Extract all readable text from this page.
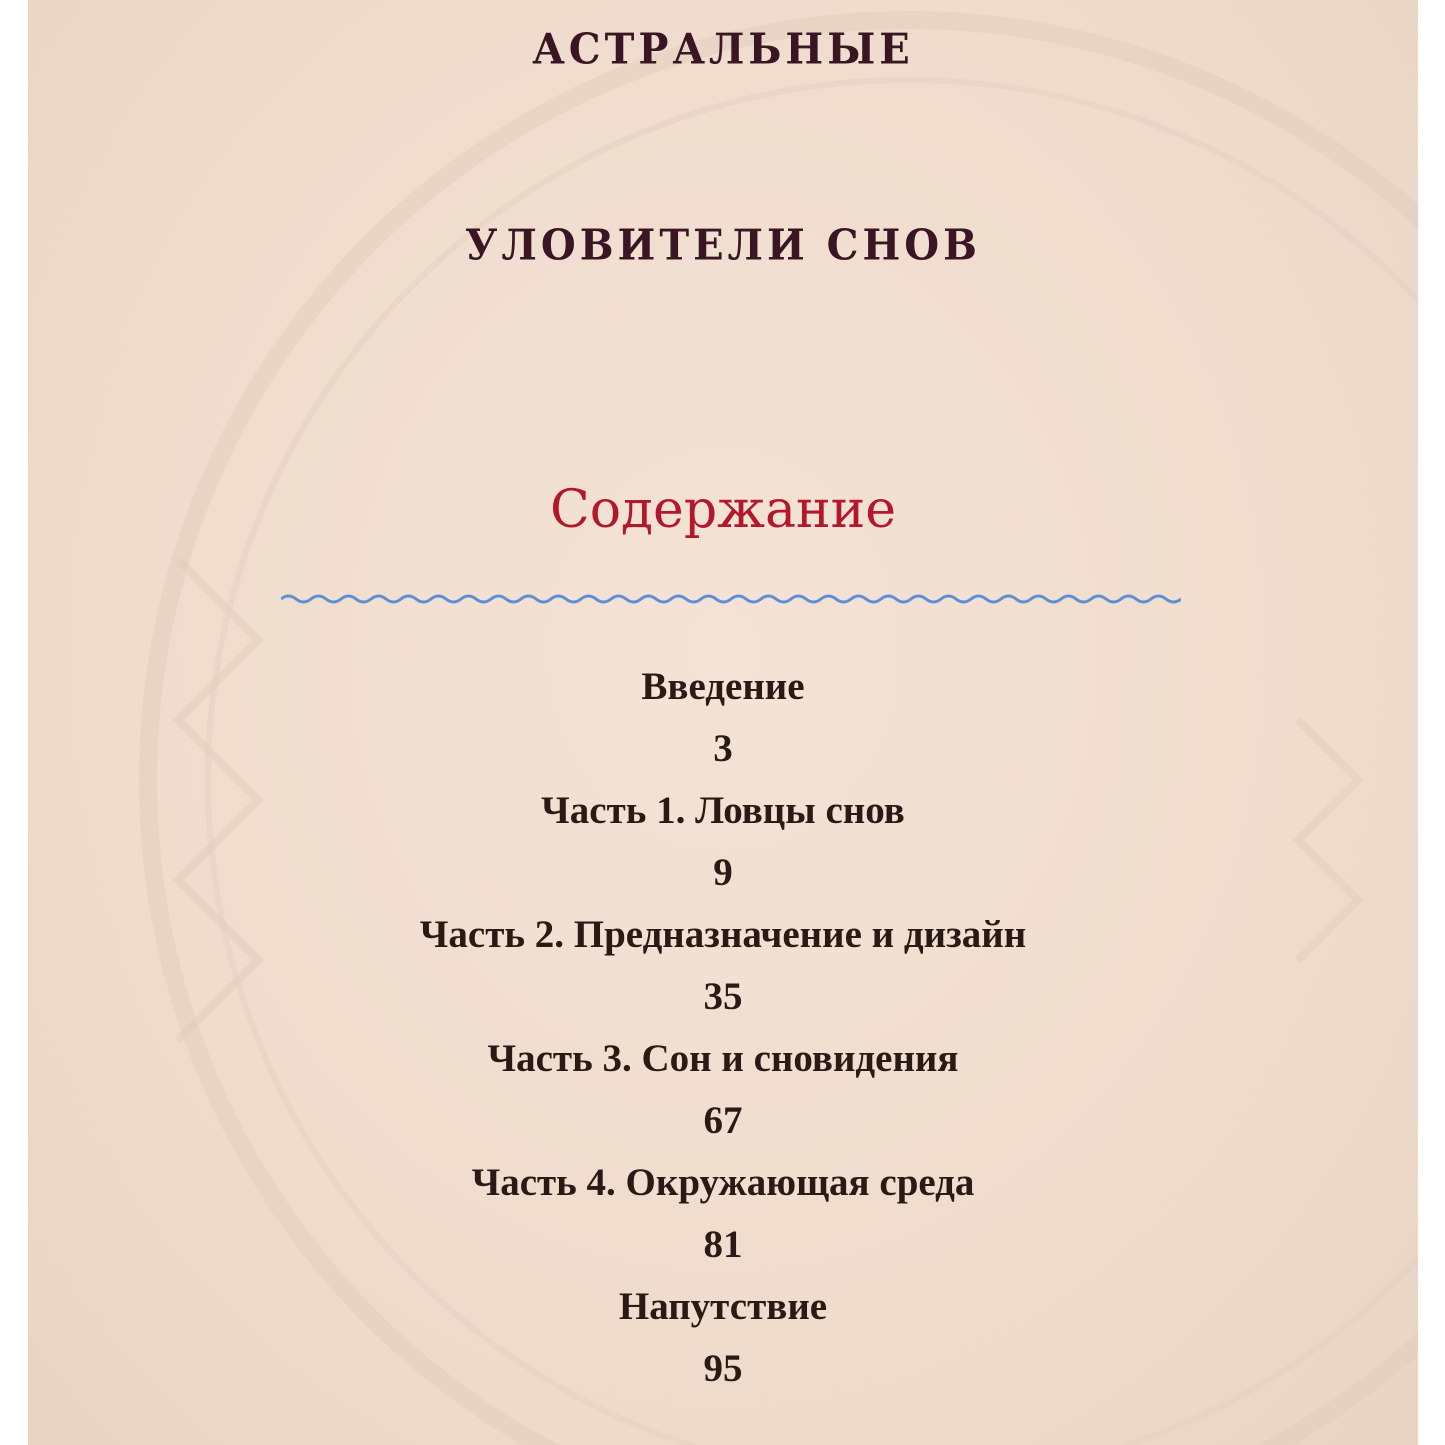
АСТРАЛЬНЫЕ
УЛОВИТЕЛИ СНОВ
Содержание
Введение
3
Часть 1. Ловцы снов
9
Часть 2. Предназначение и дизайн
35
Часть 3. Сон и сновидения
67
Часть 4. Окружающая среда
81
Напутствие
95
